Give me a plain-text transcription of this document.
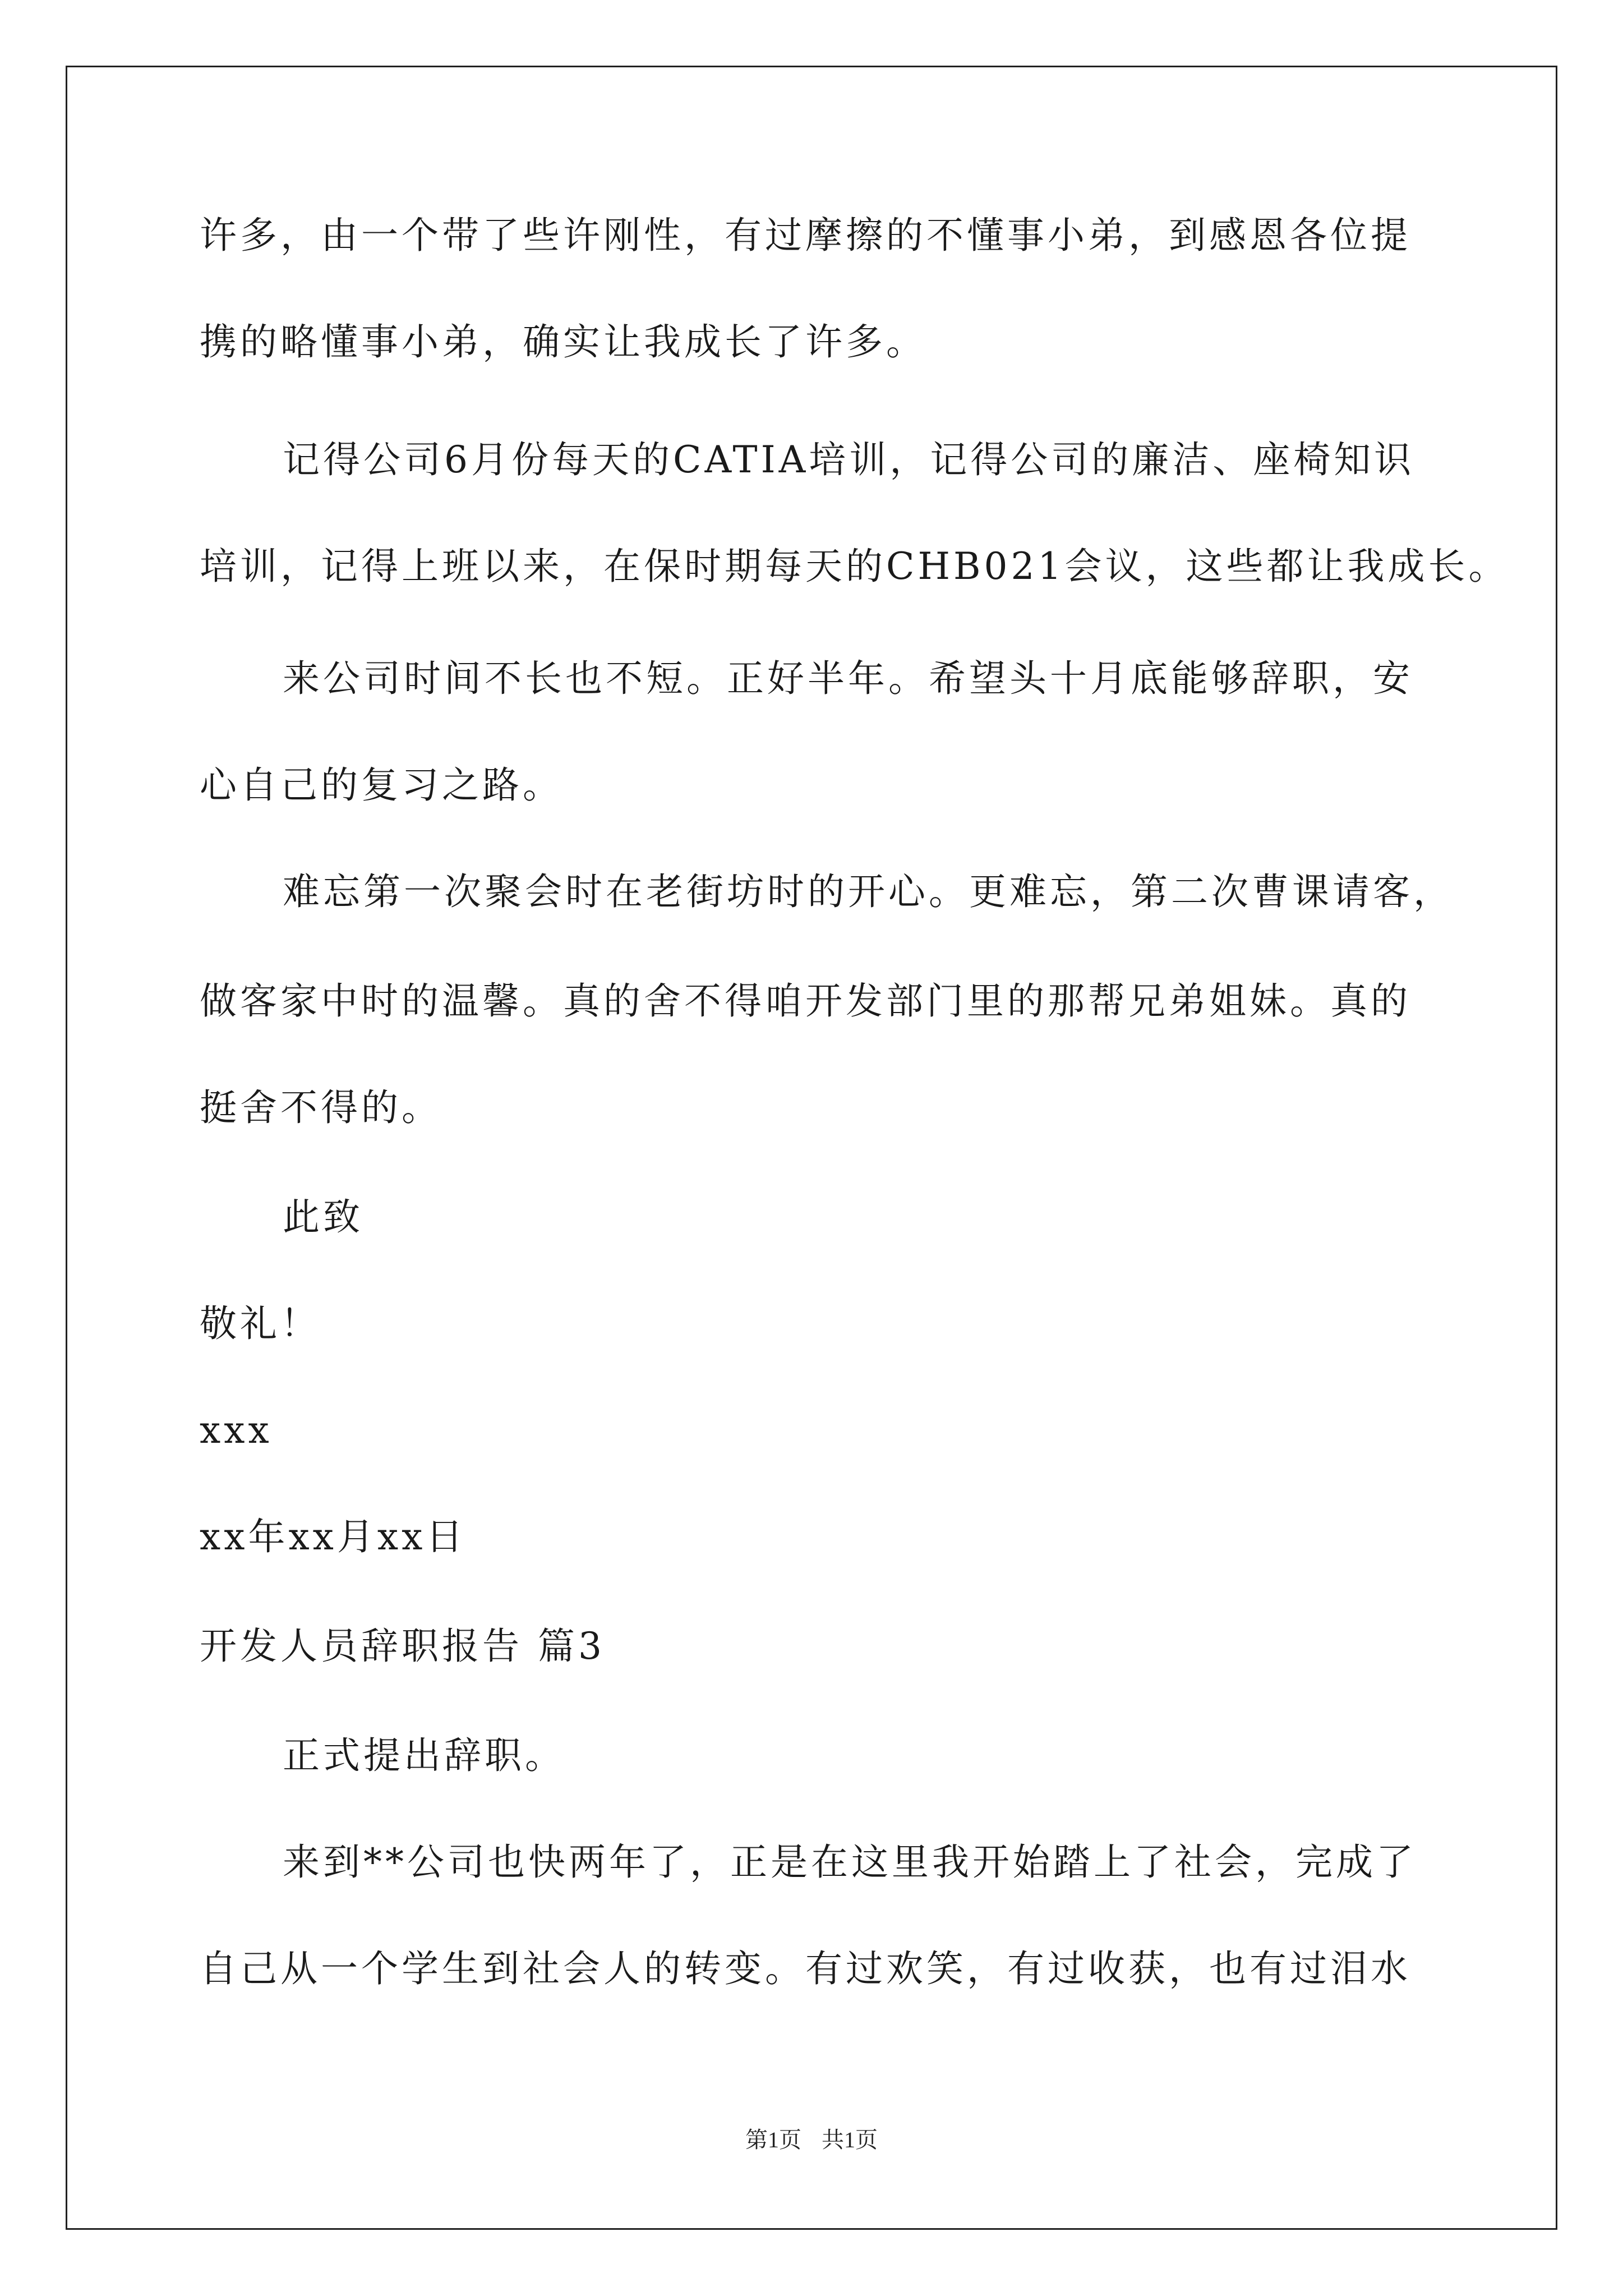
许多，由一个带了些许刚性，有过摩擦的不懂事小弟，到感恩各位提
携的略懂事小弟，确实让我成长了许多。
记得公司6月份每天的CATIA培训，记得公司的廉洁、座椅知识
培训，记得上班以来，在保时期每天的CHB021会议，这些都让我成长。
来公司时间不长也不短。正好半年。希望头十月底能够辞职，安
心自己的复习之路。
难忘第一次聚会时在老街坊时的开心。更难忘，第二次曹课请客，
做客家中时的温馨。真的舍不得咱开发部门里的那帮兄弟姐妹。真的
挺舍不得的。
此致
敬礼！
xxx
xx年xx月xx日
开发人员辞职报告 篇3
正式提出辞职。
来到**公司也快两年了，正是在这里我开始踏上了社会，完成了
自己从一个学生到社会人的转变。有过欢笑，有过收获，也有过泪水
第1页 共1页
